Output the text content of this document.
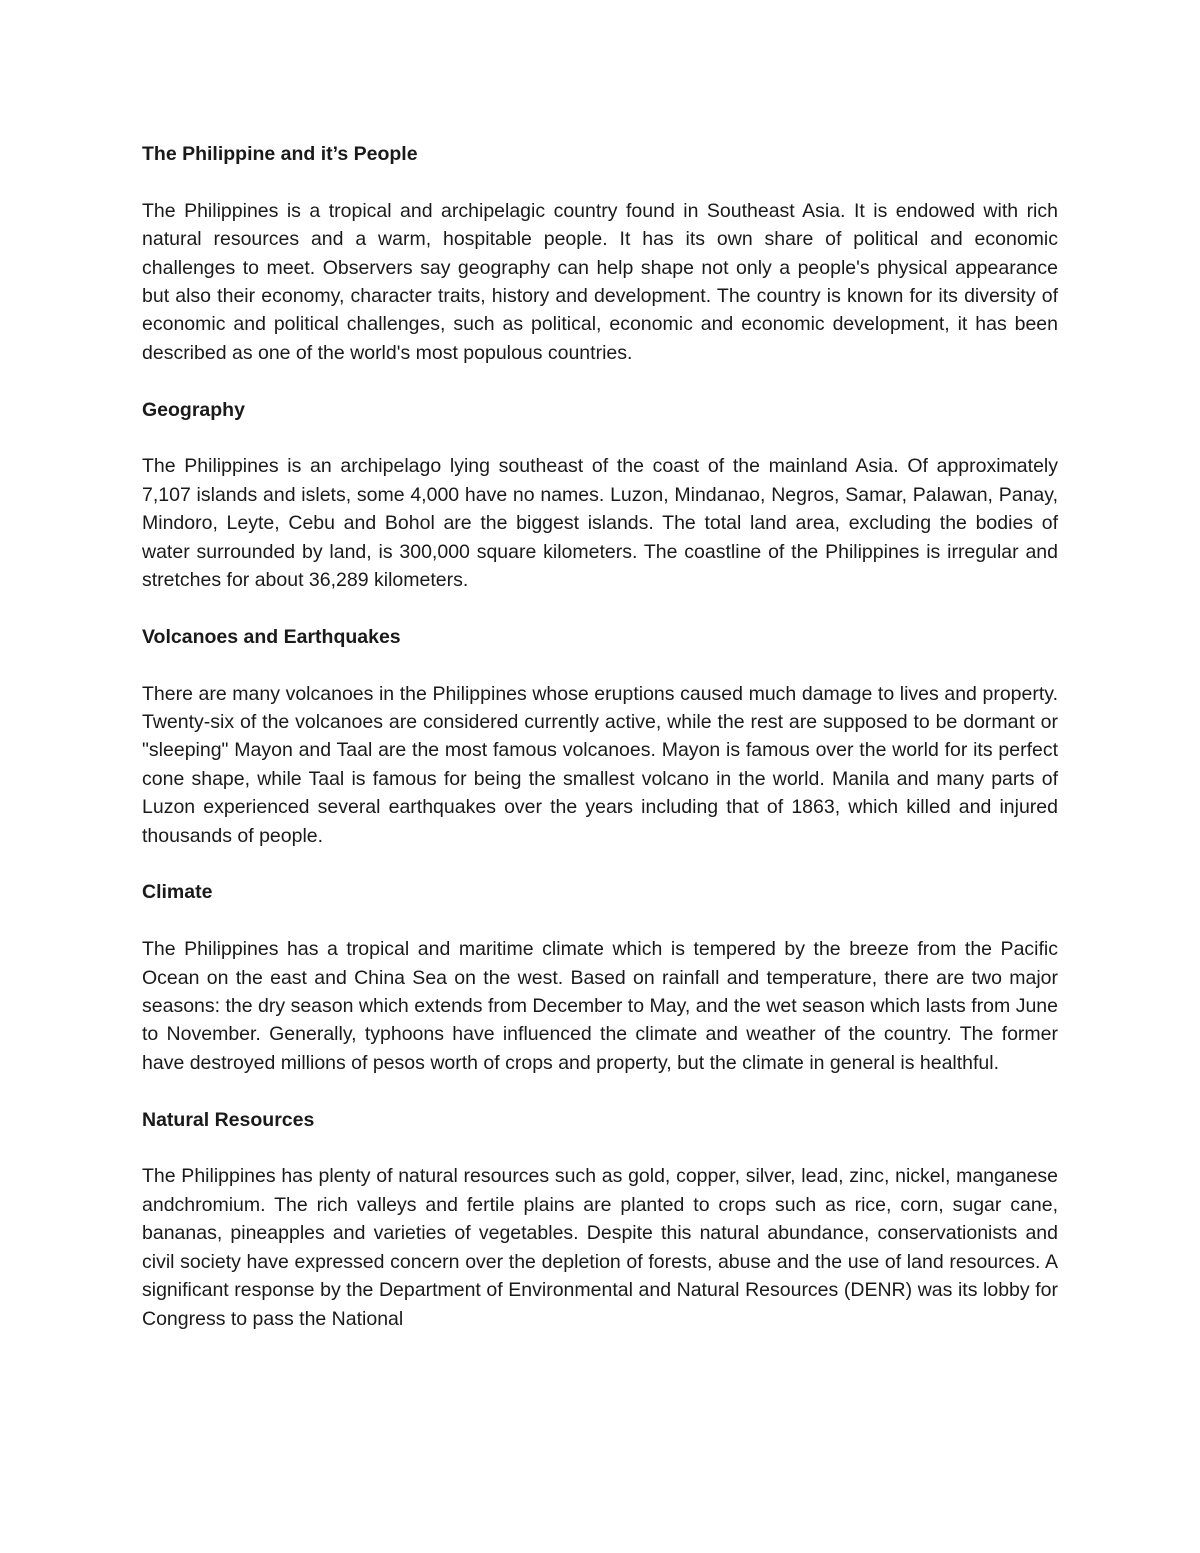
The Philippine and it’s People
The Philippines is a tropical and archipelagic country found in Southeast Asia. It is endowed with rich natural resources and a warm, hospitable people. It has its own share of political and economic challenges to meet. Observers say geography can help shape not only a people's physical appearance but also their economy, character traits, history and development. The country is known for its diversity of economic and political challenges, such as political, economic and economic development, it has been described as one of the world's most populous countries.
Geography
The Philippines is an archipelago lying southeast of the coast of the mainland Asia. Of approximately 7,107 islands and islets, some 4,000 have no names. Luzon, Mindanao, Negros, Samar, Palawan, Panay, Mindoro, Leyte, Cebu and Bohol are the biggest islands. The total land area, excluding the bodies of water surrounded by land, is 300,000 square kilometers. The coastline of the Philippines is irregular and stretches for about 36,289 kilometers.
Volcanoes and Earthquakes
There are many volcanoes in the Philippines whose eruptions caused much damage to lives and property. Twenty-six of the volcanoes are considered currently active, while the rest are supposed to be dormant or "sleeping" Mayon and Taal are the most famous volcanoes. Mayon is famous over the world for its perfect cone shape, while Taal is famous for being the smallest volcano in the world. Manila and many parts of Luzon experienced several earthquakes over the years including that of 1863, which killed and injured thousands of people.
Climate
The Philippines has a tropical and maritime climate which is tempered by the breeze from the Pacific Ocean on the east and China Sea on the west. Based on rainfall and temperature, there are two major seasons: the dry season which extends from December to May, and the wet season which lasts from June to November. Generally, typhoons have influenced the climate and weather of the country. The former have destroyed millions of pesos worth of crops and property, but the climate in general is healthful.
Natural Resources
The Philippines has plenty of natural resources such as gold, copper, silver, lead, zinc, nickel, manganese andchromium. The rich valleys and fertile plains are planted to crops such as rice, corn, sugar cane, bananas, pineapples and varieties of vegetables. Despite this natural abundance, conservationists and civil society have expressed concern over the depletion of forests, abuse and the use of land resources. A significant response by the Department of Environmental and Natural Resources (DENR) was its lobby for Congress to pass the National
